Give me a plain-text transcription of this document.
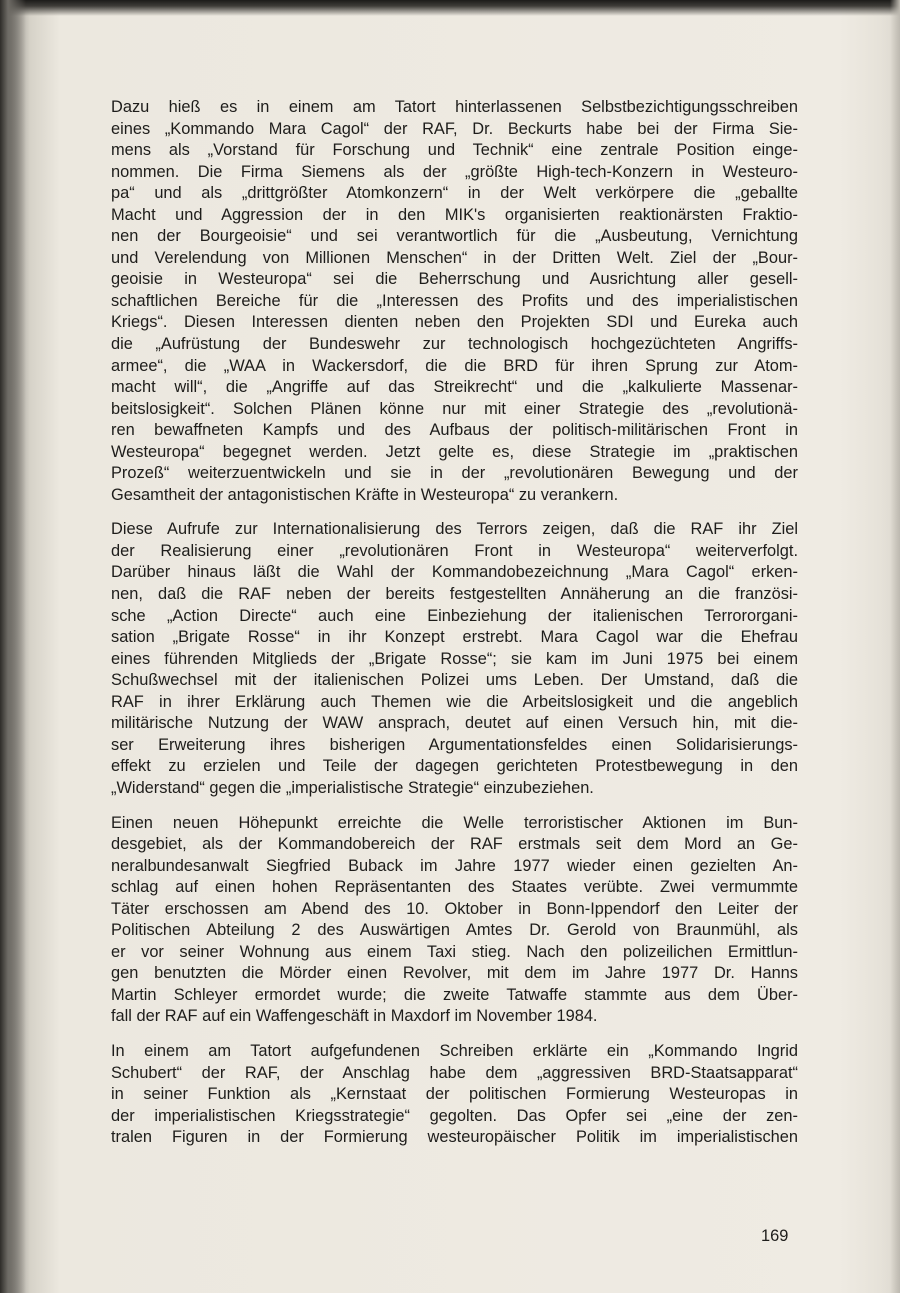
Dazu hieß es in einem am Tatort hinterlassenen Selbstbezichtigungsschreiben
eines „Kommando Mara Cagol“ der RAF, Dr. Beckurts habe bei der Firma Sie-
mens als „Vorstand für Forschung und Technik“ eine zentrale Position einge-
nommen. Die Firma Siemens als der „größte High-tech-Konzern in Westeuro-
pa“ und als „drittgrößter Atomkonzern“ in der Welt verkörpere die „geballte
Macht und Aggression der in den MIK's organisierten reaktionärsten Fraktio-
nen der Bourgeoisie“ und sei verantwortlich für die „Ausbeutung, Vernichtung
und Verelendung von Millionen Menschen“ in der Dritten Welt. Ziel der „Bour-
geoisie in Westeuropa“ sei die Beherrschung und Ausrichtung aller gesell-
schaftlichen Bereiche für die „Interessen des Profits und des imperialistischen
Kriegs“. Diesen Interessen dienten neben den Projekten SDI und Eureka auch
die „Aufrüstung der Bundeswehr zur technologisch hochgezüchteten Angriffs-
armee“, die „WAA in Wackersdorf, die die BRD für ihren Sprung zur Atom-
macht will“, die „Angriffe auf das Streikrecht“ und die „kalkulierte Massenar-
beitslosigkeit“. Solchen Plänen könne nur mit einer Strategie des „revolutionä-
ren bewaffneten Kampfs und des Aufbaus der politisch-militärischen Front in
Westeuropa“ begegnet werden. Jetzt gelte es, diese Strategie im „praktischen
Prozeß“ weiterzuentwickeln und sie in der „revolutionären Bewegung und der
Gesamtheit der antagonistischen Kräfte in Westeuropa“ zu verankern.

Diese Aufrufe zur Internationalisierung des Terrors zeigen, daß die RAF ihr Ziel
der Realisierung einer „revolutionären Front in Westeuropa“ weiterverfolgt.
Darüber hinaus läßt die Wahl der Kommandobezeichnung „Mara Cagol“ erken-
nen, daß die RAF neben der bereits festgestellten Annäherung an die französi-
sche „Action Directe“ auch eine Einbeziehung der italienischen Terrororgani-
sation „Brigate Rosse“ in ihr Konzept erstrebt. Mara Cagol war die Ehefrau
eines führenden Mitglieds der „Brigate Rosse“; sie kam im Juni 1975 bei einem
Schußwechsel mit der italienischen Polizei ums Leben. Der Umstand, daß die
RAF in ihrer Erklärung auch Themen wie die Arbeitslosigkeit und die angeblich
militärische Nutzung der WAW ansprach, deutet auf einen Versuch hin, mit die-
ser Erweiterung ihres bisherigen Argumentationsfeldes einen Solidarisierungs-
effekt zu erzielen und Teile der dagegen gerichteten Protestbewegung in den
„Widerstand“ gegen die „imperialistische Strategie“ einzubeziehen.

Einen neuen Höhepunkt erreichte die Welle terroristischer Aktionen im Bun-
desgebiet, als der Kommandobereich der RAF erstmals seit dem Mord an Ge-
neralbundesanwalt Siegfried Buback im Jahre 1977 wieder einen gezielten An-
schlag auf einen hohen Repräsentanten des Staates verübte. Zwei vermummte
Täter erschossen am Abend des 10. Oktober in Bonn-Ippendorf den Leiter der
Politischen Abteilung 2 des Auswärtigen Amtes Dr. Gerold von Braunmühl, als
er vor seiner Wohnung aus einem Taxi stieg. Nach den polizeilichen Ermittlun-
gen benutzten die Mörder einen Revolver, mit dem im Jahre 1977 Dr. Hanns
Martin Schleyer ermordet wurde; die zweite Tatwaffe stammte aus dem Über-
fall der RAF auf ein Waffengeschäft in Maxdorf im November 1984.

In einem am Tatort aufgefundenen Schreiben erklärte ein „Kommando Ingrid
Schubert“ der RAF, der Anschlag habe dem „aggressiven BRD-Staatsapparat“
in seiner Funktion als „Kernstaat der politischen Formierung Westeuropas in
der imperialistischen Kriegsstrategie“ gegolten. Das Opfer sei „eine der zen-
tralen Figuren in der Formierung westeuropäischer Politik im imperialistischen

169
